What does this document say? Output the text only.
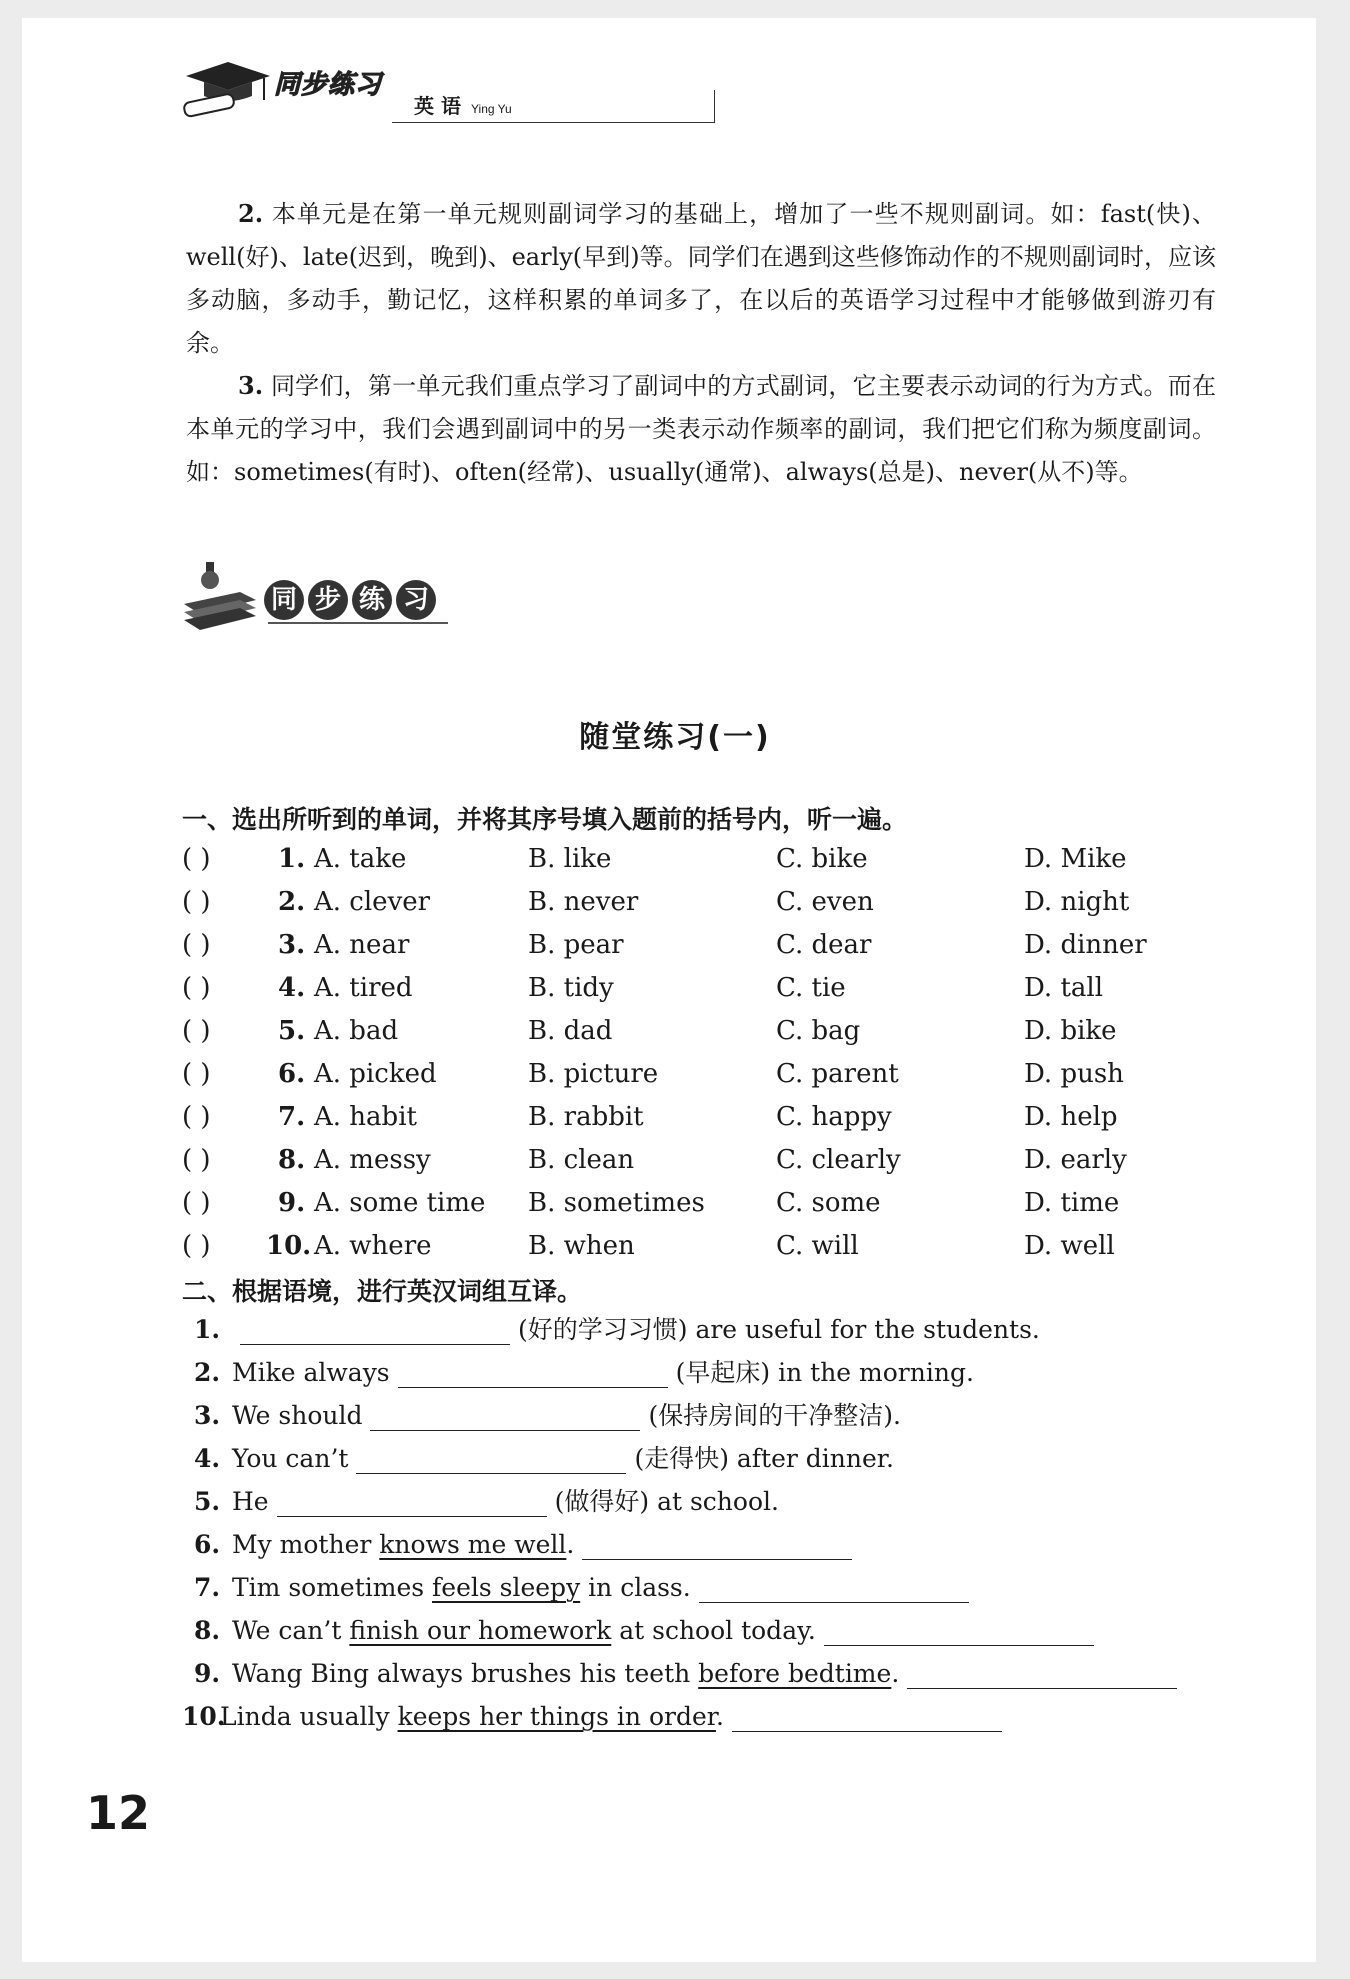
同步练习
英 语 Ying Yu
2. 本单元是在第一单元规则副词学习的基础上，增加了一些不规则副词。如：fast(快)、well(好)、late(迟到，晚到)、early(早到)等。同学们在遇到这些修饰动作的不规则副词时，应该多动脑，多动手，勤记忆，这样积累的单词多了，在以后的英语学习过程中才能够做到游刃有余。
3. 同学们，第一单元我们重点学习了副词中的方式副词，它主要表示动词的行为方式。而在本单元的学习中，我们会遇到副词中的另一类表示动作频率的副词，我们把它们称为频度副词。如：sometimes(有时)、often(经常)、usually(通常)、always(总是)、never(从不)等。
同 步 练 习
随堂练习(一)
一、选出所听到的单词，并将其序号填入题前的括号内，听一遍。
( )	1. A. take	B. like	C. bike	D. Mike
( )	2. A. clever	B. never	C. even	D. night
( )	3. A. near	B. pear	C. dear	D. dinner
( )	4. A. tired	B. tidy	C. tie	D. tall
( )	5. A. bad	B. dad	C. bag	D. bike
( )	6. A. picked	B. picture	C. parent	D. push
( )	7. A. habit	B. rabbit	C. happy	D. help
( )	8. A. messy	B. clean	C. clearly	D. early
( )	9. A. some time B. sometimes	C. some	D. time
( ) 10. A. where	B. when	C. will	D. well
二、根据语境，进行英汉词组互译。
1.	(好的学习习惯) are useful for the students.
2. Mike always	(早起床) in the morning.
3. We should	(保持房间的干净整洁).
4. You can’t	(走得快) after dinner.
5. He	(做得好) at school.
6. My mother knows me well.
7. Tim sometimes feels sleepy in class.
8. We can’t finish our homework at school today.
9. Wang Bing always brushes his teeth before bedtime.
10.Linda usually keeps her things in order.
12
